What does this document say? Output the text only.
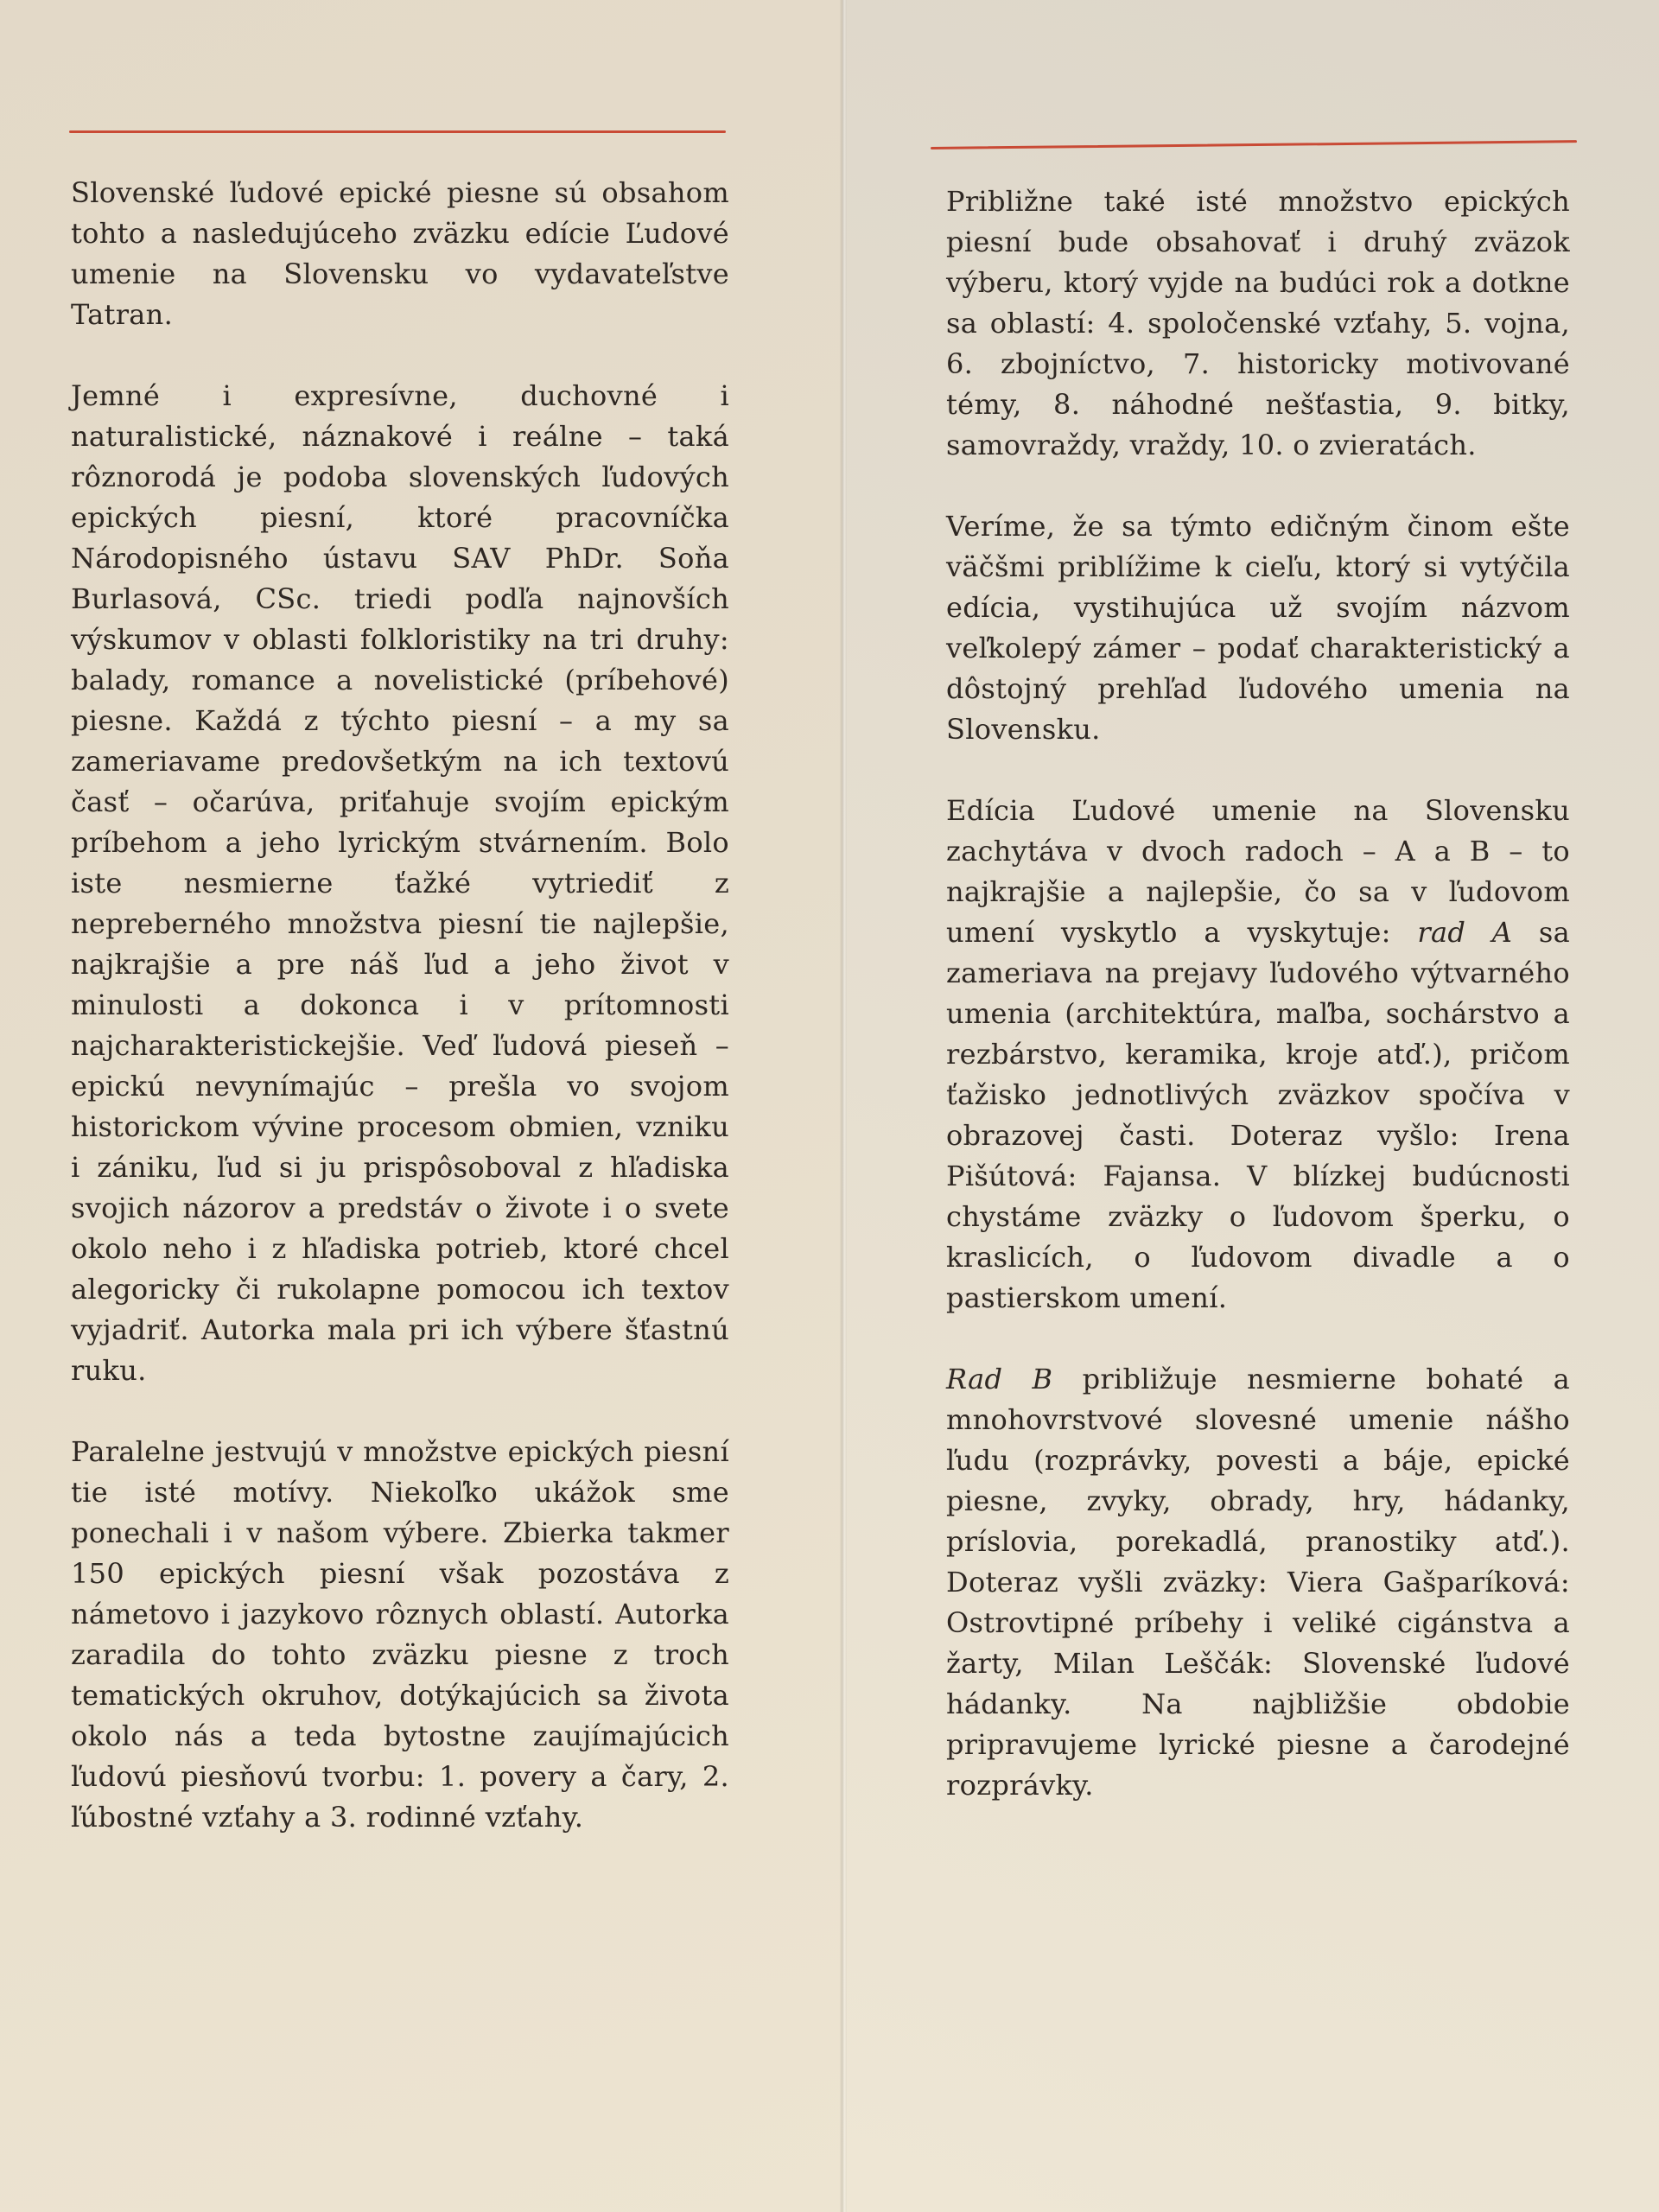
Slovenské ľudové epické piesne sú obsahom tohto a nasledujúceho zväzku edície Ľudové umenie na Slovensku vo vydavateľstve Tatran.

Jemné i expresívne, duchovné i naturalistické, náznakové i reálne – taká rôznorodá je podoba slovenských ľudových epických piesní, ktoré pracovníčka Národopisného ústavu SAV PhDr. Soňa Burlasová, CSc. triedi podľa najnovších výskumov v oblasti folkloristiky na tri druhy: balady, romance a novelistické (príbehové) piesne. Každá z týchto piesní – a my sa zameriavame predovšetkým na ich textovú časť – očarúva, priťahuje svojím epickým príbehom a jeho lyrickým stvárnením. Bolo iste nesmierne ťažké vytriediť z nepreberného množstva piesní tie najlepšie, najkrajšie a pre náš ľud a jeho život v minulosti a dokonca i v prítomnosti najcharakteristickejšie. Veď ľudová pieseň – epickú nevynímajúc – prešla vo svojom historickom vývine procesom obmien, vzniku i zániku, ľud si ju prispôsoboval z hľadiska svojich názorov a predstáv o živote i o svete okolo neho i z hľadiska potrieb, ktoré chcel alegoricky či rukolapne pomocou ich textov vyjadriť. Autorka mala pri ich výbere šťastnú ruku.

Paralelne jestvujú v množstve epických piesní tie isté motívy. Niekoľko ukážok sme ponechali i v našom výbere. Zbierka takmer 150 epických piesní však pozostáva z námetovo i jazykovo rôznych oblastí. Autorka zaradila do tohto zväzku piesne z troch tematických okruhov, dotýkajúcich sa života okolo nás a teda bytostne zaujímajúcich ľudovú piesňovú tvorbu: 1. povery a čary, 2. ľúbostné vzťahy a 3. rodinné vzťahy.

Približne také isté množstvo epických piesní bude obsahovať i druhý zväzok výberu, ktorý vyjde na budúci rok a dotkne sa oblastí: 4. spoločenské vzťahy, 5. vojna, 6. zbojníctvo, 7. historicky motivované témy, 8. náhodné nešťastia, 9. bitky, samovraždy, vraždy, 10. o zvieratách.

Veríme, že sa týmto edičným činom ešte väčšmi priblížime k cieľu, ktorý si vytýčila edícia, vystihujúca už svojím názvom veľkolepý zámer – podať charakteristický a dôstojný prehľad ľudového umenia na Slovensku.

Edícia Ľudové umenie na Slovensku zachytáva v dvoch radoch – A a B – to najkrajšie a najlepšie, čo sa v ľudovom umení vyskytlo a vyskytuje: rad A sa zameriava na prejavy ľudového výtvarného umenia (architektúra, maľba, sochárstvo a rezbárstvo, keramika, kroje atď.), pričom ťažisko jednotlivých zväzkov spočíva v obrazovej časti. Doteraz vyšlo: Irena Pišútová: Fajansa. V blízkej budúcnosti chystáme zväzky o ľudovom šperku, o kraslicích, o ľudovom divadle a o pastierskom umení.

Rad B približuje nesmierne bohaté a mnohovrstvové slovesné umenie nášho ľudu (rozprávky, povesti a báje, epické piesne, zvyky, obrady, hry, hádanky, príslovia, porekadlá, pranostiky atď.). Doteraz vyšli zväzky: Viera Gašparíková: Ostrovtipné príbehy i veliké cigánstva a žarty, Milan Leščák: Slovenské ľudové hádanky. Na najbližšie obdobie pripravujeme lyrické piesne a čarodejné rozprávky.
